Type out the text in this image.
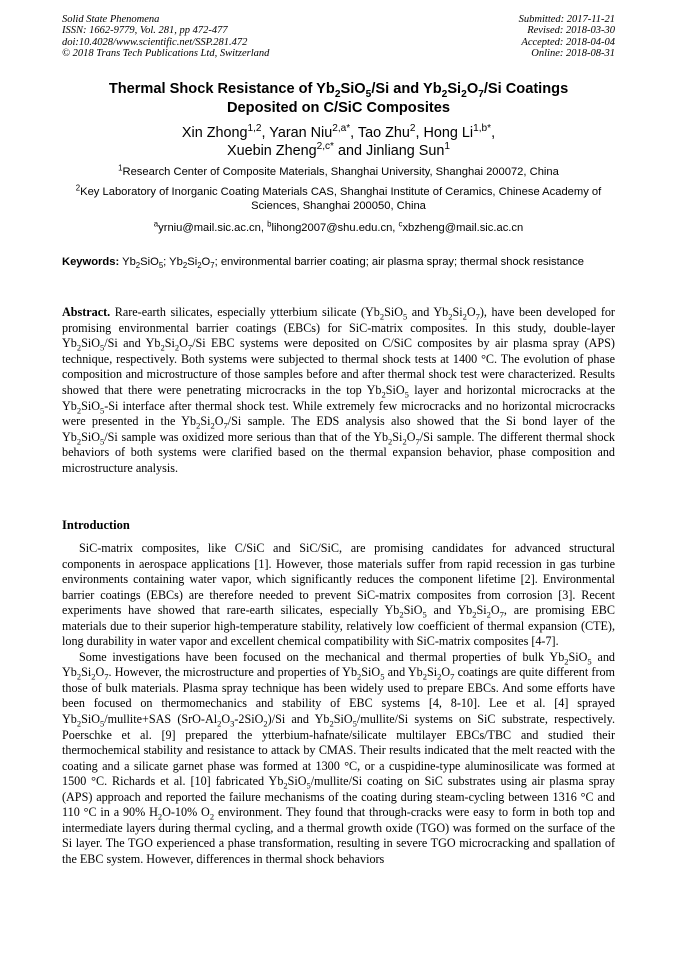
Solid State Phenomena
ISSN: 1662-9779, Vol. 281, pp 472-477
doi:10.4028/www.scientific.net/SSP.281.472
© 2018 Trans Tech Publications Ltd, Switzerland
Submitted: 2017-11-21
Revised: 2018-03-30
Accepted: 2018-04-04
Online: 2018-08-31
Thermal Shock Resistance of $Yb_2SiO_5/Si$ and $Yb_2Si_2O_7/Si$ Coatings
Deposited on C/SiC Composites
Xin Zhong$^{1,2}$, Yaran Niu$^{2,a*}$, Tao Zhu$^2$, Hong $Li^{1,b*}$,
Xuebin Zheng$^{2,c*}$ and Jinliang Sun$^1$
$^1$Research Center of Composite Materials, Shanghai University, Shanghai 200072, China
$^2$Key Laboratory of Inorganic Coating Materials CAS, Shanghai Institute of Ceramics, Chinese Academy of Sciences, Shanghai 200050, China
$^a$yrniu@mail.sic.ac.cn, $^b$lihong2007@shu.edu.cn, $^c$xbzheng@mail.sic.ac.cn
Keywords: $Yb_2SiO_5$; $Yb_2Si_2O_7$; environmental barrier coating; air plasma spray; thermal shock resistance
Abstract. Rare-earth silicates, especially ytterbium silicate ($Yb_2SiO_5$ and $Yb_2Si_2O_7$), have been developed for promising environmental barrier coatings (EBCs) for SiC-matrix composites. In this study, double-layer $Yb_2SiO_5/Si$ and $Yb_2Si_2O_7/Si$ EBC systems were deposited on C/SiC composites by air plasma spray (APS) technique, respectively. Both systems were subjected to thermal shock tests at 1400 °C. The evolution of phase composition and microstructure of those samples before and after thermal shock test were characterized. Results showed that there were penetrating microcracks in the top $Yb_2SiO_5$ layer and horizontal microcracks at the $Yb_2SiO_5-Si$ interface after thermal shock test. While extremely few microcracks and no horizontal microcracks were presented in the $Yb_2Si_2O_7/Si$ sample. The EDS analysis also showed that the Si bond layer of the $Yb_2SiO_5/Si$ sample was oxidized more serious than that of the $Yb_2Si_2O_7/Si$ sample. The different thermal shock behaviors of both systems were clarified based on the thermal expansion behavior, phase composition and microstructure analysis.
Introduction

SiC-matrix composites, like C/SiC and SiC/SiC, are promising candidates for advanced structural components in aerospace applications [1]. However, those materials suffer from rapid recession in gas turbine environments containing water vapor, which significantly reduces the component lifetime [2]. Environmental barrier coatings (EBCs) are therefore needed to prevent SiC-matrix composites from corrosion [3]. Recent experiments have showed that rare-earth silicates, especially $Yb_2SiO_5$ and $Yb_2Si_2O_7$, are promising EBC materials due to their superior high-temperature stability, relatively low coefficient of thermal expansion (CTE), long durability in water vapor and excellent chemical compatibility with SiC-matrix composites [4-7].

Some investigations have been focused on the mechanical and thermal properties of bulk $Yb_2SiO_5$ and $Yb_2Si_2O_7$. However, the microstructure and properties of $Yb_2SiO_5$ and $Yb_2Si_2O_7$ coatings are quite different from those of bulk materials. Plasma spray technique has been widely used to prepare EBCs. And some efforts have been focused on thermomechanics and stability of EBC systems [4, 8-10]. Lee et al. [4] sprayed $Yb_2SiO_5/mullite+SAS$ $(SrO-Al_2O_3-2SiO_2)/Si$ and $Yb_2SiO_5/mullite/Si$ systems on SiC substrate, respectively. Poerschke et al. [9] prepared the ytterbium-hafnate/silicate multilayer EBCs/TBC and studied their thermochemical stability and resistance to attack by CMAS. Their results indicated that the melt reacted with the coating and a silicate garnet phase was formed at 1300 °C, or a cuspidine-type aluminosilicate was formed at 1500 °C. Richards et al. [10] fabricated $Yb_2SiO_5/mullite/Si$ coating on SiC substrates using air plasma spray (APS) approach and reported the failure mechanisms of the coating during steam-cycling between 1316 °C and 110 °C in a 90% $H_2O-10\%$ $O_2$ environment. They found that through-cracks were easy to form in both top and intermediate layers during thermal cycling, and a thermal growth oxide (TGO) was formed on the surface of the Si layer. The TGO experienced a phase transformation, resulting in severe TGO microcracking and spallation of the EBC system. However, differences in thermal shock behaviors
